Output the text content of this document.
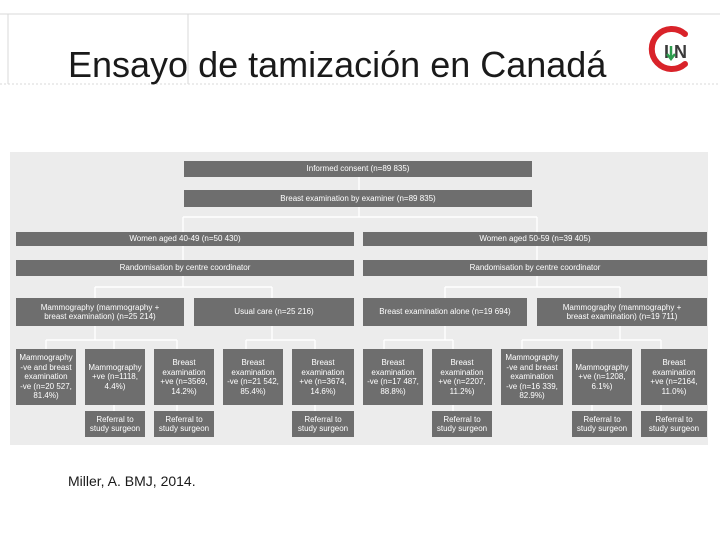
Ensayo de tamización en Canadá	I N
Informed consent (n=89 835)
Breast examination by examiner (n=89 835)
Women aged 40-49 (n=50 430)	Women aged 50-59 (n=39 405)
Randomisation by centre coordinator	Randomisation by centre coordinator
Mammography (mammography +
breast examination) (n=25 214)
Usual care (n=25 216)	Breast examination alone (n=19 694)
Mammography (mammography +
breast examination) (n=19 711)
Mammography
-ve and breast
examination
-ve (n=20 527,
81.4%)
Mammography
+ve (n=1118,
4.4%)
Breast
examination
+ve (n=3569,
14.2%)
Breast
examination
-ve (n=21 542,
85.4%)
Breast
examination
+ve (n=3674,
14.6%)
Breast
examination
-ve (n=17 487,
88.8%)
Breast
examination
+ve (n=2207,
11.2%)
Mammography
-ve and breast
examination
-ve (n=16 339,
82.9%)
Mammography
+ve (n=1208,
6.1%)
Breast
examination
+ve (n=2164,
11.0%)
Referral to
study surgeon
Referral to
study surgeon
Referral to
study surgeon
Referral to
study surgeon
Referral to
study surgeon
Referral to
study surgeon
Miller, A. BMJ, 2014.
